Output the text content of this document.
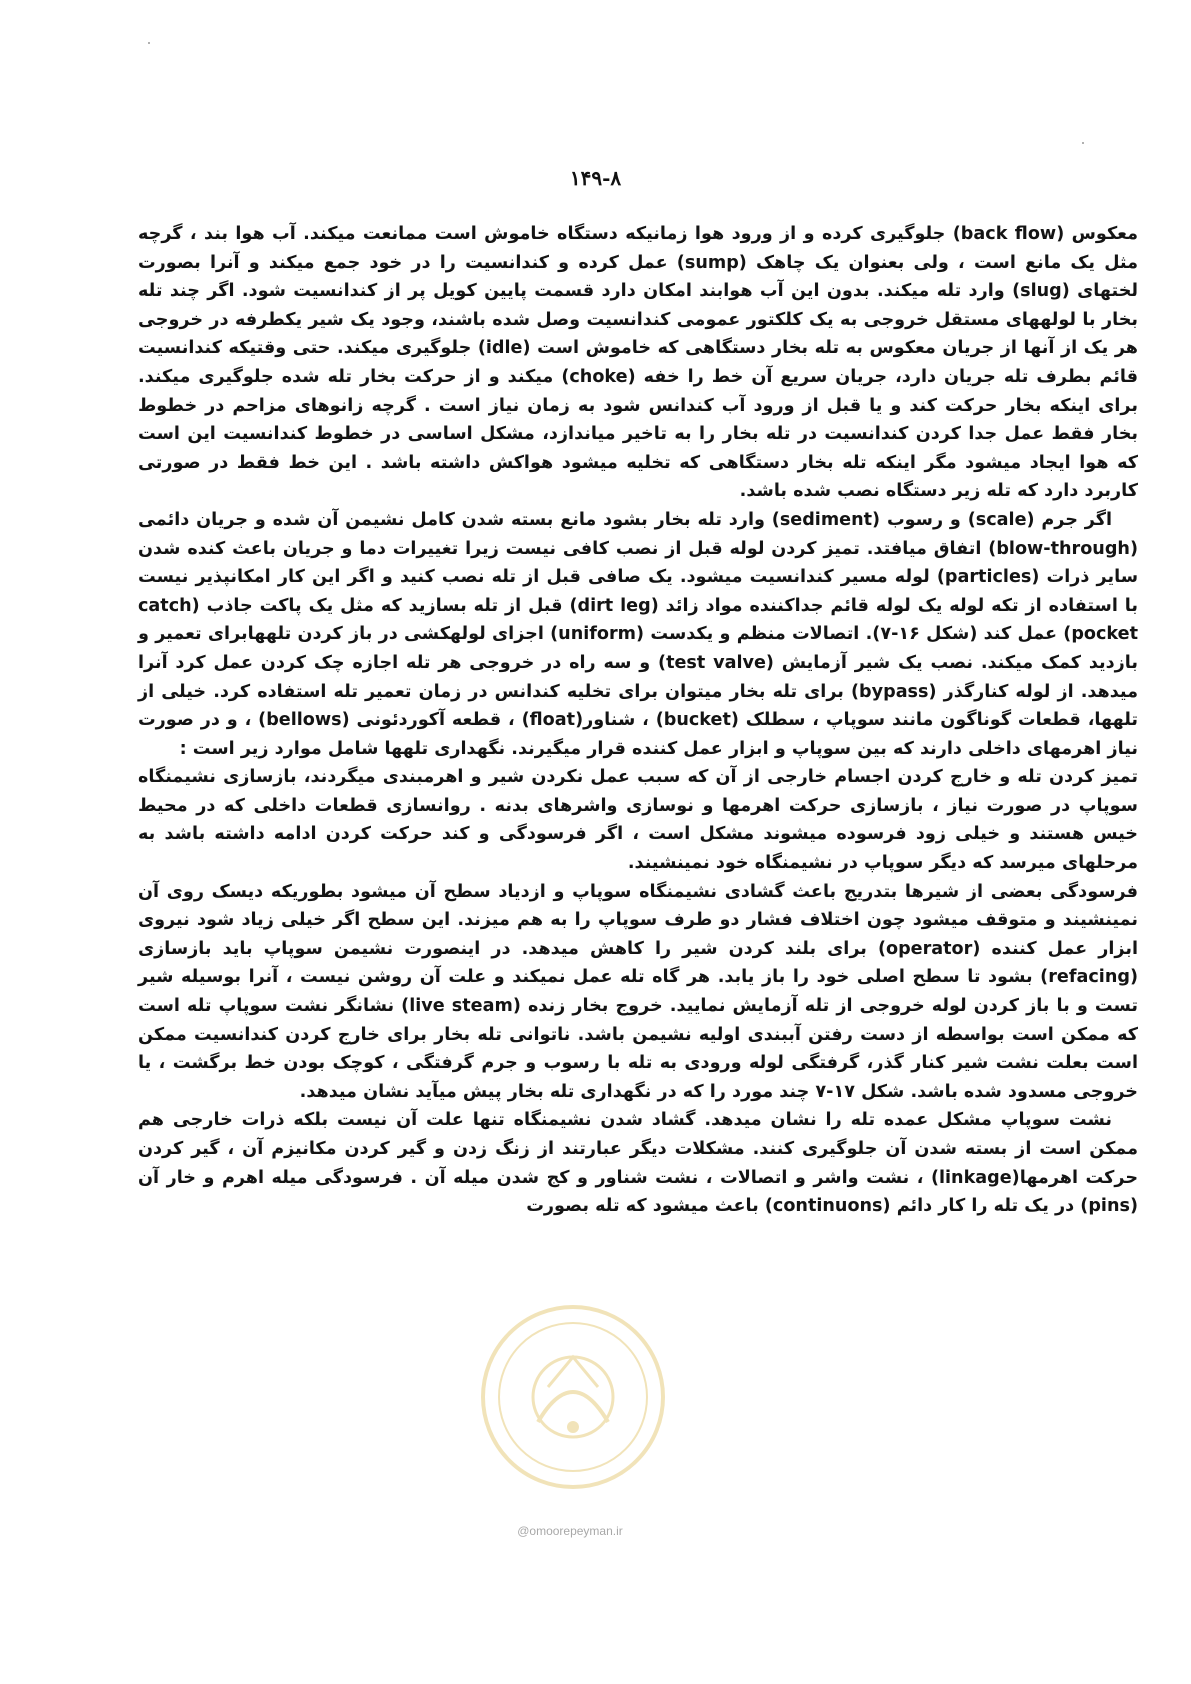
۱۴۹-۸

معکوس (back flow) جلوگیری کرده و از ورود هوا زمانیکه دستگاه خاموش است ممانعت میکند. آب هوا بند ، گرچه مثل یک مانع است ، ولی بعنوان یک چاهک (sump) عمل کرده و کندانسیت را در خود جمع میکند و آنرا بصورت لختهای (slug) وارد تله میکند. بدون این آب هوابند امکان دارد قسمت پایین کویل پر از کندانسیت شود. اگر چند تله بخار با لولههای مستقل خروجی به یک کلکتور عمومی کندانسیت وصل شده باشند، وجود یک شیر یکطرفه در خروجی هر یک از آنها از جریان معکوس به تله بخار دستگاهی که خاموش است (idle) جلوگیری میکند. حتی وقتیکه کندانسیت قائم بطرف تله جریان دارد، جریان سریع آن خط را خفه (choke) میکند و از حرکت بخار تله شده جلوگیری میکند. برای اینکه بخار حرکت کند و یا قبل از ورود آب کندانس شود به زمان نیاز است . گرچه زانوهای مزاحم در خطوط بخار فقط عمل جدا کردن کندانسیت در تله بخار را به تاخیر میاندازد، مشکل اساسی در خطوط کندانسیت این است که هوا ایجاد میشود مگر اینکه تله بخار دستگاهی که تخلیه میشود هواکش داشته باشد . این خط فقط در صورتی کاربرد دارد که تله زیر دستگاه نصب شده باشد.

اگر جرم (scale) و رسوب (sediment) وارد تله بخار بشود مانع بسته شدن کامل نشیمن آن شده و جریان دائمی (blow-through) اتفاق میافتد. تمیز کردن لوله قبل از نصب کافی نیست زیرا تغییرات دما و جریان باعث کنده شدن سایر ذرات (particles) لوله مسیر کندانسیت میشود. یک صافی قبل از تله نصب کنید و اگر این کار امکانپذیر نیست با استفاده از تکه لوله یک لوله قائم جداکننده مواد زائد (dirt leg) قبل از تله بسازید که مثل یک پاکت جاذب (catch pocket) عمل کند (شکل ۱۶-۷). اتصالات منظم و یکدست (uniform) اجزای لولهکشی در باز کردن تلههابرای تعمیر و بازدید کمک میکند. نصب یک شیر آزمایش (test valve) و سه راه در خروجی هر تله اجازه چک کردن عمل کرد آنرا میدهد. از لوله کنارگذر (bypass) برای تله بخار میتوان برای تخلیه کندانس در زمان تعمیر تله استفاده کرد. خیلی از تلهها، قطعات گوناگون مانند سوپاپ ، سطلک (bucket) ، شناور(float) ، قطعه آکوردئونی (bellows) ، و در صورت نیاز اهرمهای داخلی دارند که بین سوپاپ و ابزار عمل کننده قرار میگیرند. نگهداری تلهها شامل موارد زیر است :

تمیز کردن تله و خارج کردن اجسام خارجی از آن که سبب عمل نکردن شیر و اهرمبندی میگردند، بازسازی نشیمنگاه سوپاپ در صورت نیاز ، بازسازی حرکت اهرمها و نوسازی واشرهای بدنه . روانسازی قطعات داخلی که در محیط خیس هستند و خیلی زود فرسوده میشوند مشکل است ، اگر فرسودگی و کند حرکت کردن ادامه داشته باشد به مرحلهای میرسد که دیگر سوپاپ در نشیمنگاه خود نمینشیند.

فرسودگی بعضی از شیرها بتدریج باعث گشادی نشیمنگاه سوپاپ و ازدیاد سطح آن میشود بطوریکه دیسک روی آن نمینشیند و متوقف میشود چون اختلاف فشار دو طرف سوپاپ را به هم میزند. این سطح اگر خیلی زیاد شود نیروی ابزار عمل کننده (operator) برای بلند کردن شیر را کاهش میدهد. در اینصورت نشیمن سوپاپ باید بازسازی (refacing) بشود تا سطح اصلی خود را باز یابد. هر گاه تله عمل نمیکند و علت آن روشن نیست ، آنرا بوسیله شیر تست و با باز کردن لوله خروجی از تله آزمایش نمایید. خروج بخار زنده (live steam) نشانگر نشت سوپاپ تله است که ممکن است بواسطه از دست رفتن آببندی اولیه نشیمن باشد. ناتوانی تله بخار برای خارج کردن کندانسیت ممکن است بعلت نشت شیر کنار گذر، گرفتگی لوله ورودی به تله با رسوب و جرم گرفتگی ، کوچک بودن خط برگشت ، یا خروجی مسدود شده باشد. شکل ۱۷-۷ چند مورد را که در نگهداری تله بخار پیش میآید نشان میدهد.

نشت سوپاپ مشکل عمده تله را نشان میدهد. گشاد شدن نشیمنگاه تنها علت آن نیست بلکه ذرات خارجی هم ممکن است از بسته شدن آن جلوگیری کنند. مشکلات دیگر عبارتند از زنگ زدن و گیر کردن مکانیزم آن ، گیر کردن حرکت اهرمها(linkage) ، نشت واشر و اتصالات ، نشت شناور و کج شدن میله آن . فرسودگی میله اهرم و خار آن (pins) در یک تله را کار دائم (continuons) باعث میشود که تله بصورت

@omoorepeyman.ir
